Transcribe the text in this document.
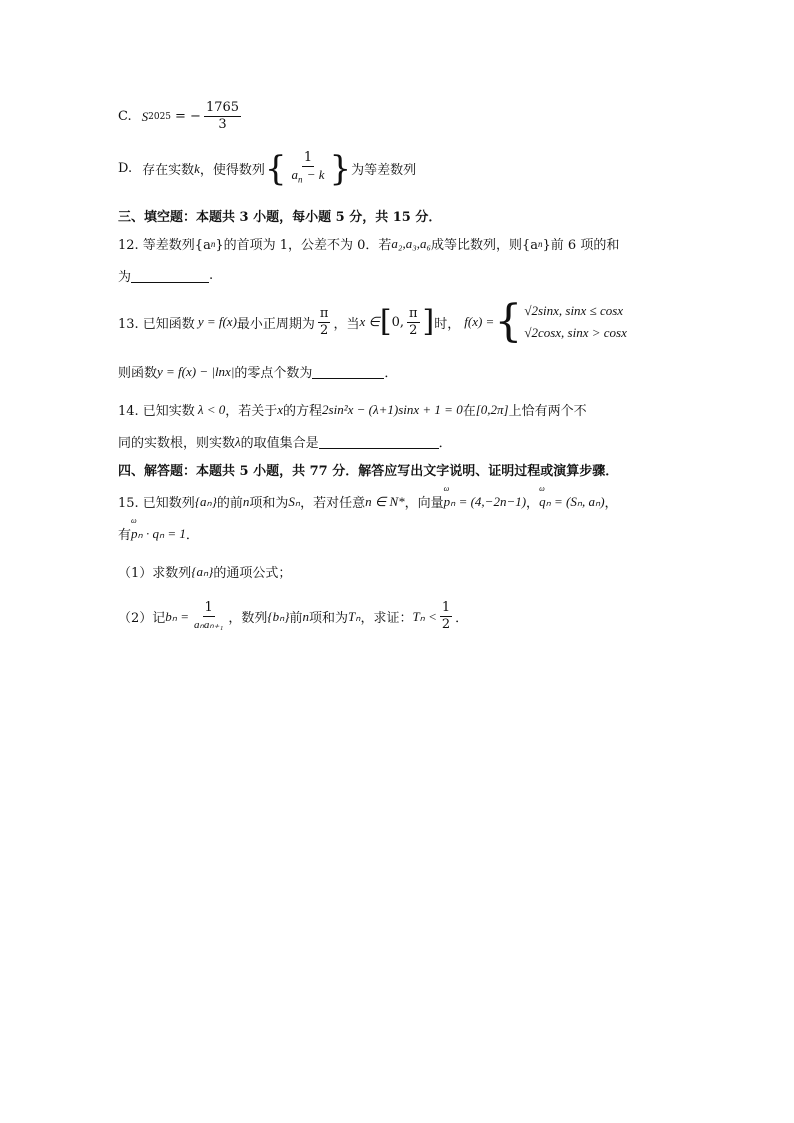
C. S 2025 = − $\frac{1765}{3}$
D. 存在实数 k ，使得数列 { $\frac{1}{a_n - k}$ } 为等差数列
三、填空题：本题共 3 小题，每小题 5 分，共 15 分．
12. 等差数列{a n }的首项为 1，公差不为 0．若 a₂,a₃,a₆ 成等比数列，则{a n }前 6 项的和
为	.
13. 已知函数 y = f(x) 最小正周期为 $\frac{\pi}{2}$ ，当 x ∈ [ 0, $\frac{\pi}{2}$ ] 时， f(x) = { √2sinx, sinx ≤ cosx
√2cosx, sinx > cosx
则函数 y = f(x) − |lnx| 的零点个数为	．
14. 已知实数 λ < 0 ，若关于 x 的方程 2sin²x − (λ+1)sinx + 1 = 0 在 [0,2π] 上恰有两个不
同的实数根，则实数 λ 的取值集合是	．
四、解答题：本题共 5 小题，共 77 分．解答应写出文字说明、证明过程或演算步骤．
15. 已知数列 {aₙ} 的前 n 项和为 Sₙ ，若对任意 n ∈ N* ，向量 ω pₙ = (4,−2n−1) ， ω qₙ = (Sₙ, aₙ) ，
有 ω pₙ · qₙ = 1 ．
（1）求数列 {aₙ} 的通项公式；
（2）记 $b_n = \frac{1}{\text{aₙaₙ₊₁}}$ ，数列 {bₙ} 前 n 项和为 Tₙ ，求证： $T_n < \frac{1}{2}$ ．
